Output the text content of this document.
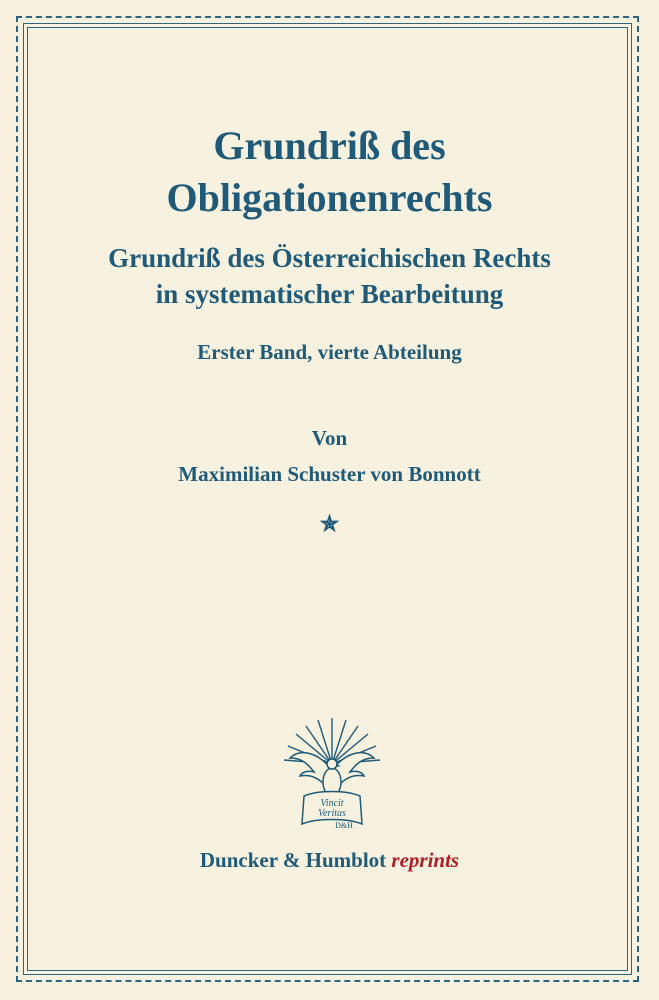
Grundriß des
Obligationenrechts
Grundriß des Österreichischen Rechts
in systematischer Bearbeitung
Erster Band, vierte Abteilung
Von
Maximilian Schuster von Bonnott
✯
Vincit
Veritas
D&H
Duncker & Humblot reprints
